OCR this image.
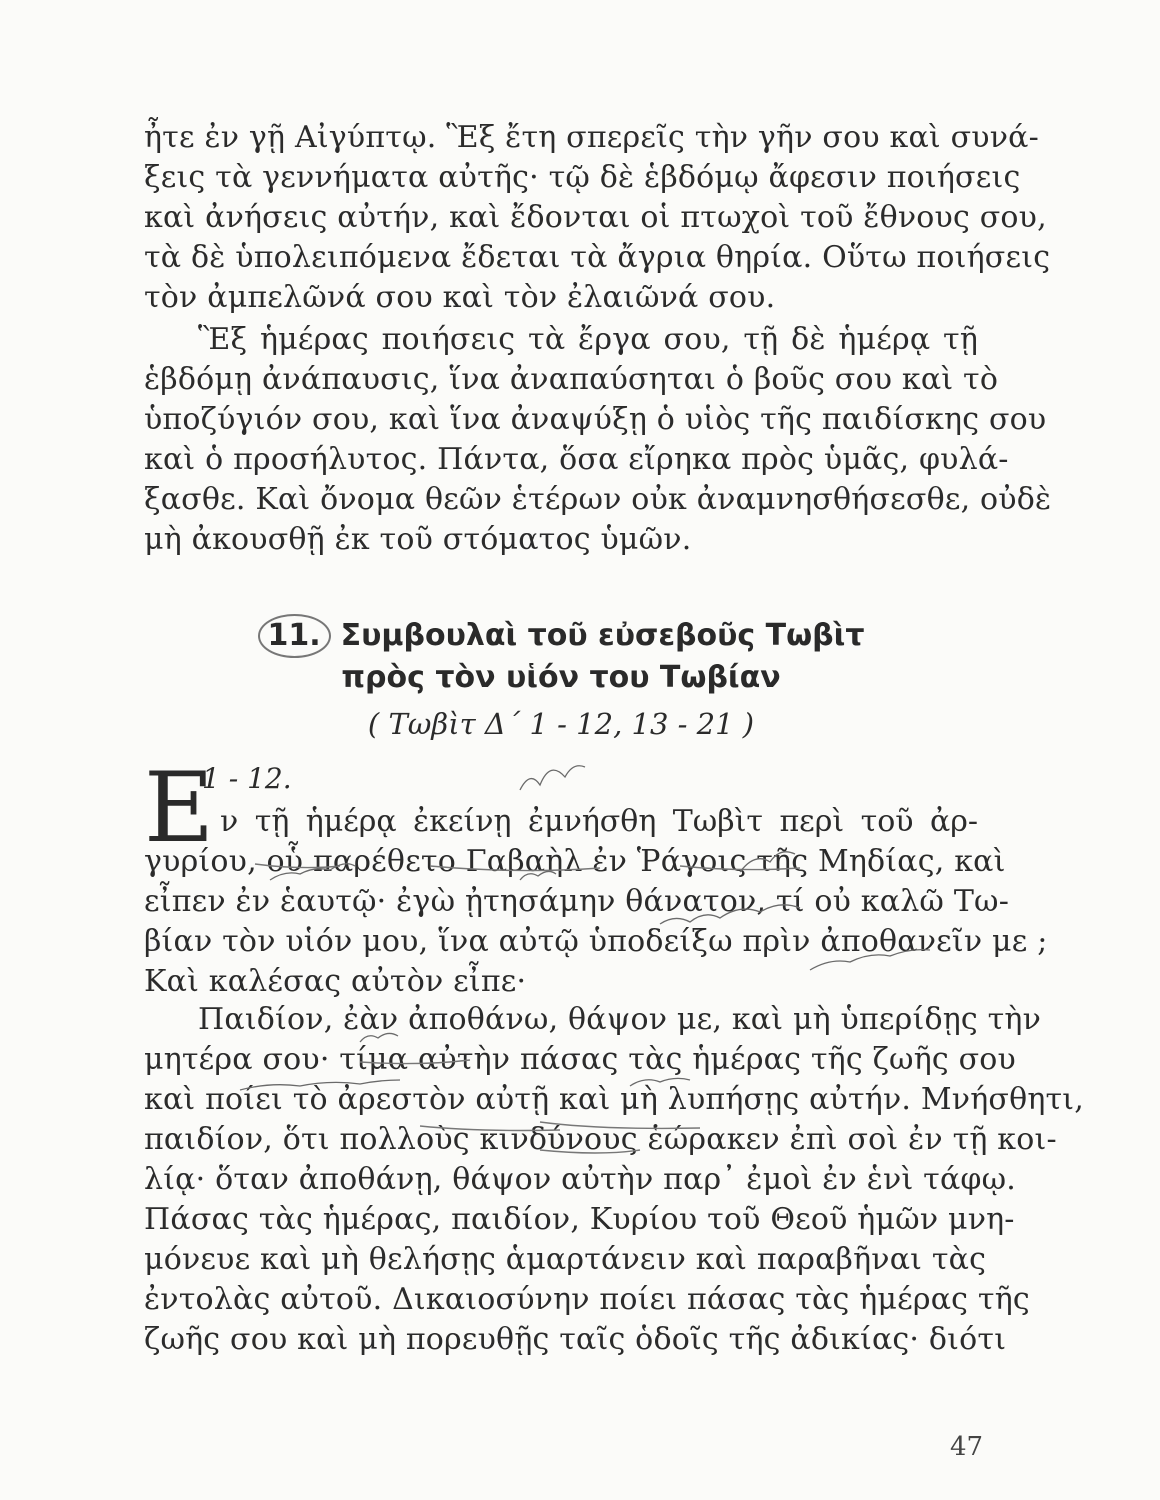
ἦτε ἐν γῇ Αἰγύπτῳ. Ἓξ ἔτη σπερεῖς τὴν γῆν σου καὶ συνά-
ξεις τὰ γεννήματα αὐτῆς· τῷ δὲ ἑβδόμῳ ἄφεσιν ποιήσεις
καὶ ἀνήσεις αὐτήν, καὶ ἔδονται οἱ πτωχοὶ τοῦ ἔθνους σου,
τὰ δὲ ὑπολειπόμενα ἔδεται τὰ ἄγρια θηρία. Οὕτω ποιήσεις
τὸν ἀμπελῶνά σου καὶ τὸν ἐλαιῶνά σου.
Ἓξ ἡμέρας ποιήσεις τὰ ἔργα σου, τῇ δὲ ἡμέρᾳ τῇ
ἑβδόμῃ ἀνάπαυσις, ἵνα ἀναπαύσηται ὁ βοῦς σου καὶ τὸ
ὑποζύγιόν σου, καὶ ἵνα ἀναψύξῃ ὁ υἱὸς τῆς παιδίσκης σου
καὶ ὁ προσήλυτος. Πάντα, ὅσα εἴρηκα πρὸς ὑμᾶς, φυλά-
ξασθε. Καὶ ὄνομα θεῶν ἑτέρων οὐκ ἀναμνησθήσεσθε, οὐδὲ
μὴ ἀκουσθῇ ἐκ τοῦ στόματος ὑμῶν.
11. Συμβουλαὶ τοῦ εὐσεβοῦς Τωβὶτ
πρὸς τὸν υἱόν του Τωβίαν
( Τωβὶτ Δ΄ 1 - 12, 13 - 21 )
Ε
1 - 12.
ν τῇ ἡμέρᾳ ἐκείνῃ ἐμνήσθη Τωβὶτ περὶ τοῦ ἀρ-
γυρίου, οὗ παρέθετο Γαβαὴλ ἐν Ῥάγοις τῆς Μηδίας, καὶ
εἶπεν ἐν ἑαυτῷ· ἐγὼ ᾐτησάμην θάνατον, τί οὐ καλῶ Τω-
βίαν τὸν υἱόν μου, ἵνα αὐτῷ ὑποδείξω πρὶν ἀποθανεῖν με ;
Καὶ καλέσας αὐτὸν εἶπε·
Παιδίον, ἐὰν ἀποθάνω, θάψον με, καὶ μὴ ὑπερίδῃς τὴν
μητέρα σου· τίμα αὐτὴν πάσας τὰς ἡμέρας τῆς ζωῆς σου
καὶ ποίει τὸ ἀρεστὸν αὐτῇ καὶ μὴ λυπήσῃς αὐτήν. Μνήσθητι,
παιδίον, ὅτι πολλοὺς κινδύνους ἑώρακεν ἐπὶ σοὶ ἐν τῇ κοι-
λίᾳ· ὅταν ἀποθάνῃ, θάψον αὐτὴν παρ᾽ ἐμοὶ ἐν ἑνὶ τάφῳ.
Πάσας τὰς ἡμέρας, παιδίον, Κυρίου τοῦ Θεοῦ ἡμῶν μνη-
μόνευε καὶ μὴ θελήσῃς ἁμαρτάνειν καὶ παραβῆναι τὰς
ἐντολὰς αὐτοῦ. Δικαιοσύνην ποίει πάσας τὰς ἡμέρας τῆς
ζωῆς σου καὶ μὴ πορευθῇς ταῖς ὁδοῖς τῆς ἀδικίας· διότι
47
